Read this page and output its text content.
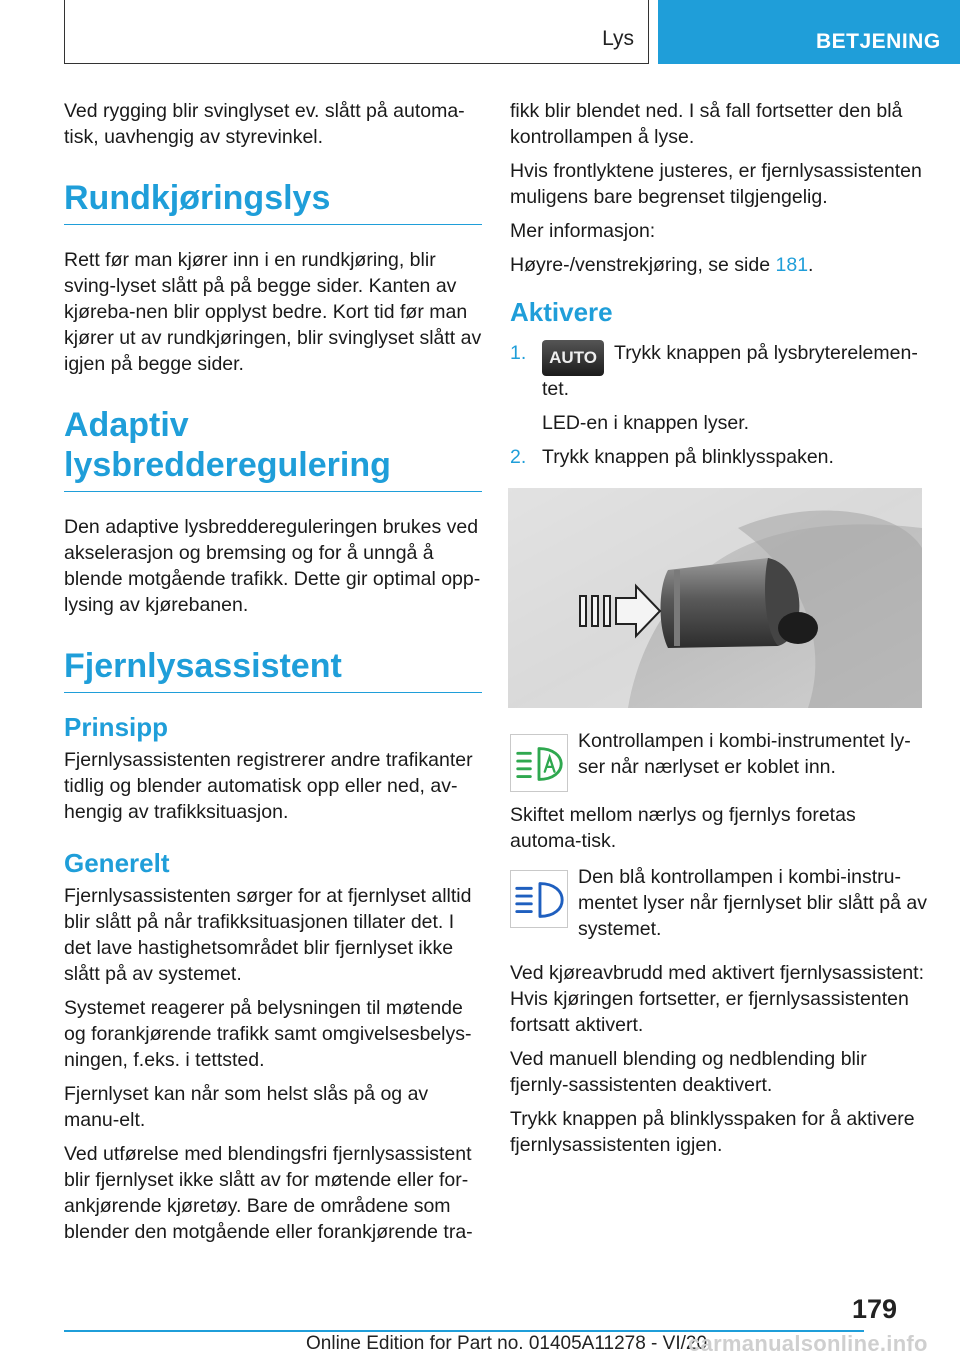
Lys	BETJENING

Ved rygging blir svinglyset ev. slått på automa-tisk, uavhengig av styrevinkel.

Rundkjøringslys

Rett før man kjører inn i en rundkjøring, blir sving-lyset slått på på begge sider. Kanten av kjøreba-nen blir opplyst bedre. Kort tid før man kjører ut av rundkjøringen, blir svinglyset slått av igjen på begge sider.

Adaptiv
lysbredderegulering

Den adaptive lysbreddereguleringen brukes ved akselerasjon og bremsing og for å unngå å blende motgående trafikk. Dette gir optimal opp-lysing av kjørebanen.

Fjernlysassistent
Prinsipp

Fjernlysassistenten registrerer andre trafikanter tidlig og blender automatisk opp eller ned, av-hengig av trafikksituasjon.

Generelt

Fjernlysassistenten sørger for at fjernlyset alltid blir slått på når trafikksituasjonen tillater det. I det lave hastighetsområdet blir fjernlyset ikke slått på av systemet.

Systemet reagerer på belysningen til møtende og forankjørende trafikk samt omgivelsesbelys-ningen, f.eks. i tettsted.

Fjernlyset kan når som helst slås på og av manu-elt.

Ved utførelse med blendingsfri fjernlysassistent blir fjernlyset ikke slått av for møtende eller for-ankjørende kjøretøy. Bare de områdene som blender den motgående eller forankjørende tra-

fikk blir blendet ned. I så fall fortsetter den blå kontrollampen å lyse.

Hvis frontlyktene justeres, er fjernlysassistenten muligens bare begrenset tilgjengelig.

Mer informasjon:

Høyre-/venstrekjøring, se side 181.

Aktivere

1. AUTO Trykk knappen på lysbryterelemen-tet.

LED-en i knappen lyser.

2. Trykk knappen på blinklysspaken.

Kontrollampen i kombi-instrumentet ly-ser når nærlyset er koblet inn.

Skiftet mellom nærlys og fjernlys foretas automa-tisk.

Den blå kontrollampen i kombi-instru-mentet lyser når fjernlyset blir slått på av systemet.

Ved kjøreavbrudd med aktivert fjernlysassistent: Hvis kjøringen fortsetter, er fjernlysassistenten fortsatt aktivert.

Ved manuell blending og nedblending blir fjernly-sassistenten deaktivert.

Trykk knappen på blinklysspaken for å aktivere fjernlysassistenten igjen.

179
Online Edition for Part no. 01405A11278 - VI/20
carmanualsonline.info
